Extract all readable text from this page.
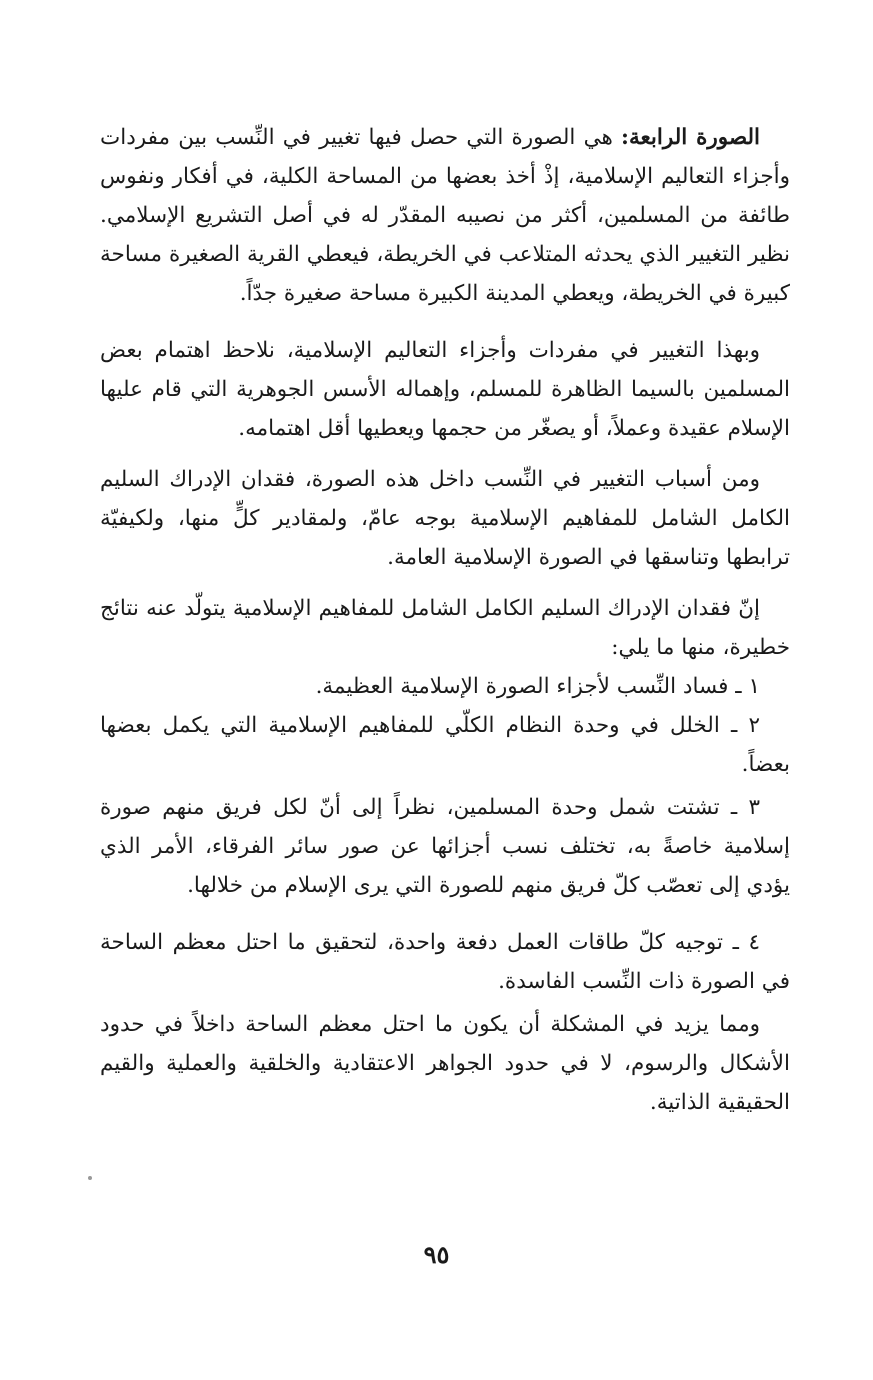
الصورة الرابعة: هي الصورة التي حصل فيها تغيير في النِّسب بين مفردات وأجزاء التعاليم الإسلامية، إذْ أخذ بعضها من المساحة الكلية، في أفكار ونفوس طائفة من المسلمين، أكثر من نصيبه المقدّر له في أصل التشريع الإسلامي. نظير التغيير الذي يحدثه المتلاعب في الخريطة، فيعطي القرية الصغيرة مساحة كبيرة في الخريطة، ويعطي المدينة الكبيرة مساحة صغيرة جدّاً.

وبهذا التغيير في مفردات وأجزاء التعاليم الإسلامية، نلاحظ اهتمام بعض المسلمين بالسيما الظاهرة للمسلم، وإهماله الأسس الجوهرية التي قام عليها الإسلام عقيدة وعملاً، أو يصغّر من حجمها ويعطيها أقل اهتمامه.

ومن أسباب التغيير في النِّسب داخل هذه الصورة، فقدان الإدراك السليم الكامل الشامل للمفاهيم الإسلامية بوجه عامّ، ولمقادير كلٍّ منها، ولكيفيّة ترابطها وتناسقها في الصورة الإسلامية العامة.

إنّ فقدان الإدراك السليم الكامل الشامل للمفاهيم الإسلامية يتولّد عنه نتائج خطيرة، منها ما يلي:

١ ـ فساد النِّسب لأجزاء الصورة الإسلامية العظيمة.

٢ ـ الخلل في وحدة النظام الكلّي للمفاهيم الإسلامية التي يكمل بعضها بعضاً.

٣ ـ تشتت شمل وحدة المسلمين، نظراً إلى أنّ لكل فريق منهم صورة إسلامية خاصةً به، تختلف نسب أجزائها عن صور سائر الفرقاء، الأمر الذي يؤدي إلى تعصّب كلّ فريق منهم للصورة التي يرى الإسلام من خلالها.

٤ ـ توجيه كلّ طاقات العمل دفعة واحدة، لتحقيق ما احتل معظم الساحة في الصورة ذات النِّسب الفاسدة.

ومما يزيد في المشكلة أن يكون ما احتل معظم الساحة داخلاً في حدود الأشكال والرسوم، لا في حدود الجواهر الاعتقادية والخلقية والعملية والقيم الحقيقية الذاتية.

٩٥
